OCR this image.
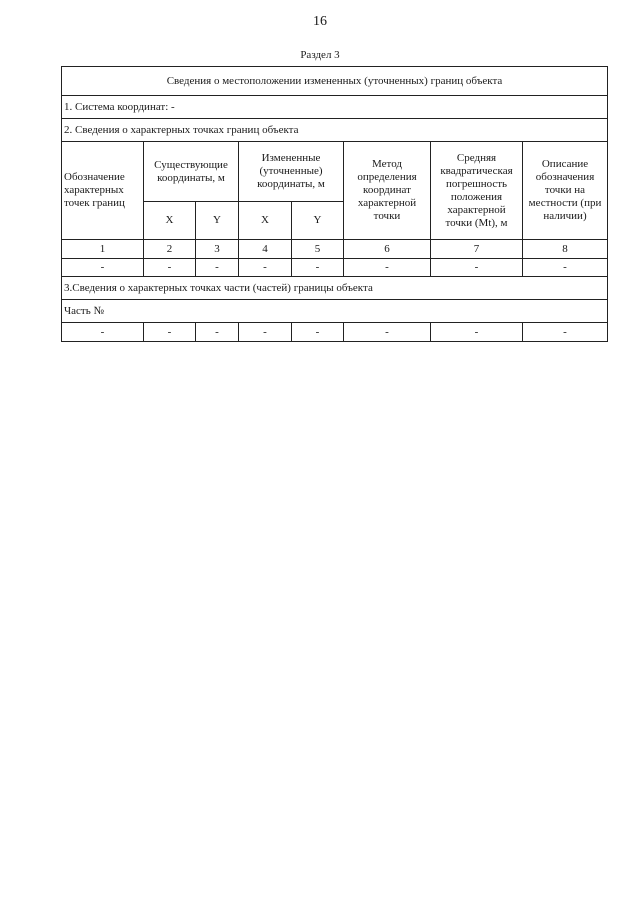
16
Раздел 3
Сведения о местоположении измененных (уточненных) границ объекта							
1. Система координат: -							
2. Сведения о характерных точках границ объекта							
Обозначение характерных точек границ	Существующие координаты, м		Измененные (уточненные) координаты, м		Метод определения координат характерной точки	Средняя квадратическая погрешность положения характерной точки (Mt), м	Описание обозначения точки на местности (при наличии)
	X	Y	X	Y			
1	2	3	4	5	6	7	8
-	-	-	-	-	-	-	-
3.Сведения о характерных точках части (частей) границы объекта							
Часть №							
-	-	-	-	-	-	-	-
